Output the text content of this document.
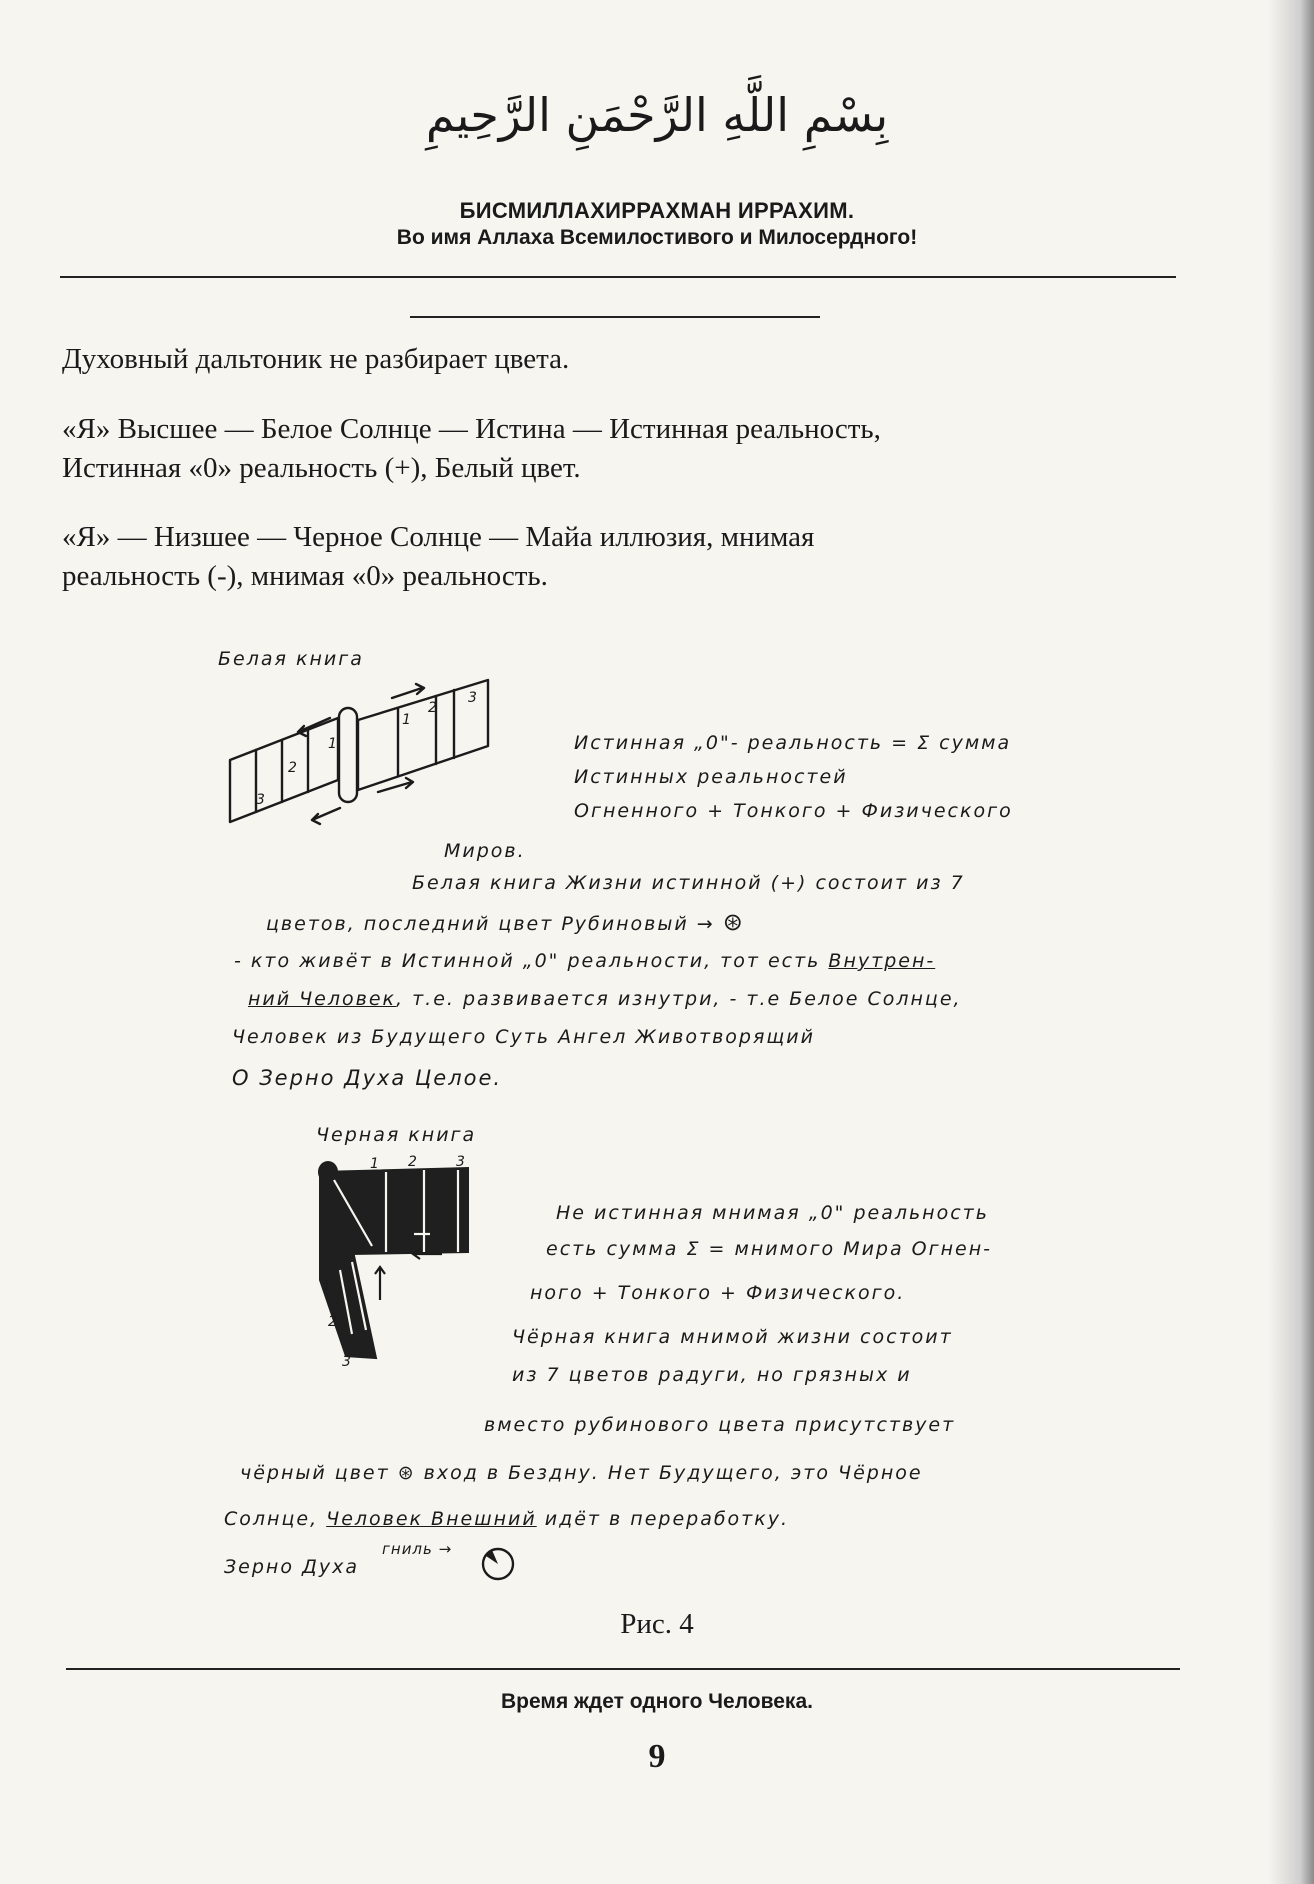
بِسْمِ اللَّهِ الرَّحْمَنِ الرَّحِيمِ
БИСМИЛЛАХИРРАХМАН ИРРАХИМ.
Во имя Аллаха Всемилостивого и Милосердного!
Духовный дальтоник не разбирает цвета.
«Я» Высшее — Белое Солнце — Истина — Истинная реальность,
Истинная «0» реальность (+), Белый цвет.
«Я» — Низшее — Черное Солнце — Майа иллюзия, мнимая
реальность (-), мнимая «0» реальность.
Белая книга
3
2
1
1
2
3
Истинная „0"- реальность = Σ сумма
Истинных реальностей
Огненного + Тонкого + Физического
Миров.
Белая книга Жизни истинной (+) состоит из 7
цветов, последний цвет Рубиновый → ⊛
- кто живёт в Истинной „0" реальности, тот есть Внутрен-
ний Человек, т.е. развивается изнутри, - т.е Белое Солнце,
Человек из Будущего Суть Ангел Животворящий
О Зерно Духа Целое.
Черная книга
1 2	3
1
2
3
Не истинная мнимая „0" реальность
есть сумма Σ = мнимого Мира Огнен-
ного + Тонкого + Физического.
Чёрная книга мнимой жизни состоит
из 7 цветов радуги, но грязных и
вместо рубинового цвета присутствует
чёрный цвет ⊛ вход в Бездну. Нет Будущего, это Чёрное
Солнце, Человек Внешний идёт в переработку.
Зерно Духа
гниль →
Рис. 4
Время ждет одного Человека.
9
